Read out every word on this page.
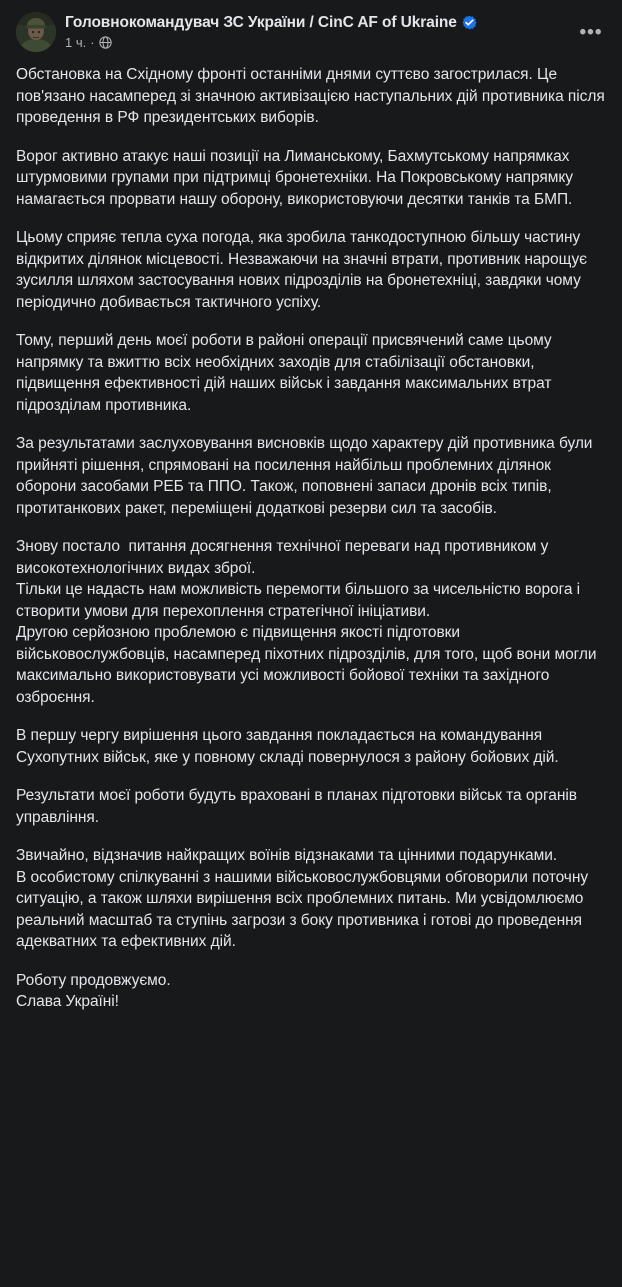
Головнокомандувач ЗС України / CinC AF of Ukraine
1 ч. ·	•••

Обстановка на Східному фронті останніми днями суттєво загострилася. Це пов'язано насамперед зі значною активізацією наступальних дій противника після проведення в РФ президентських виборів.

Ворог активно атакує наші позиції на Лиманському, Бахмутському напрямках штурмовими групами при підтримці бронетехніки. На Покровському напрямку намагається прорвати нашу оборону, використовуючи десятки танків та БМП.

Цьому сприяє тепла суха погода, яка зробила танкодоступною більшу частину відкритих ділянок місцевості. Незважаючи на значні втрати, противник нарощує зусилля шляхом застосування нових підрозділів на бронетехніці, завдяки чому періодично добивається тактичного успіху.

Тому, перший день моєї роботи в районі операції присвячений саме цьому напрямку та вжиттю всіх необхідних заходів для стабілізації обстановки, підвищення ефективності дій наших військ і завдання максимальних втрат підрозділам противника.

За результатами заслуховування висновків щодо характеру дій противника були прийняті рішення, спрямовані на посилення найбільш проблемних ділянок оборони засобами РЕБ та ППО. Також, поповнені запаси дронів всіх типів, протитанкових ракет, переміщені додаткові резерви сил та засобів.

Знову постало  питання досягнення технічної переваги над противником у високотехнологічних видах зброї.

Тільки це надасть нам можливість перемогти більшого за чисельністю ворога і створити умови для перехоплення стратегічної ініціативи.

Другою серйозною проблемою є підвищення якості підготовки військовослужбовців, насамперед піхотних підрозділів, для того, щоб вони могли максимально використовувати усі можливості бойової техніки та західного озброєння.

В першу чергу вирішення цього завдання покладається на командування Сухопутних військ, яке у повному складі повернулося з району бойових дій.

Результати моєї роботи будуть враховані в планах підготовки військ та органів управління.

Звичайно, відзначив найкращих воїнів відзнаками та цінними подарунками.

В особистому спілкуванні з нашими військовослужбовцями обговорили поточну ситуацію, а також шляхи вирішення всіх проблемних питань. Ми усвідомлюємо реальний масштаб та ступінь загрози з боку противника і готові до проведення адекватних та ефективних дій.

Роботу продовжуємо.

Слава Україні!
